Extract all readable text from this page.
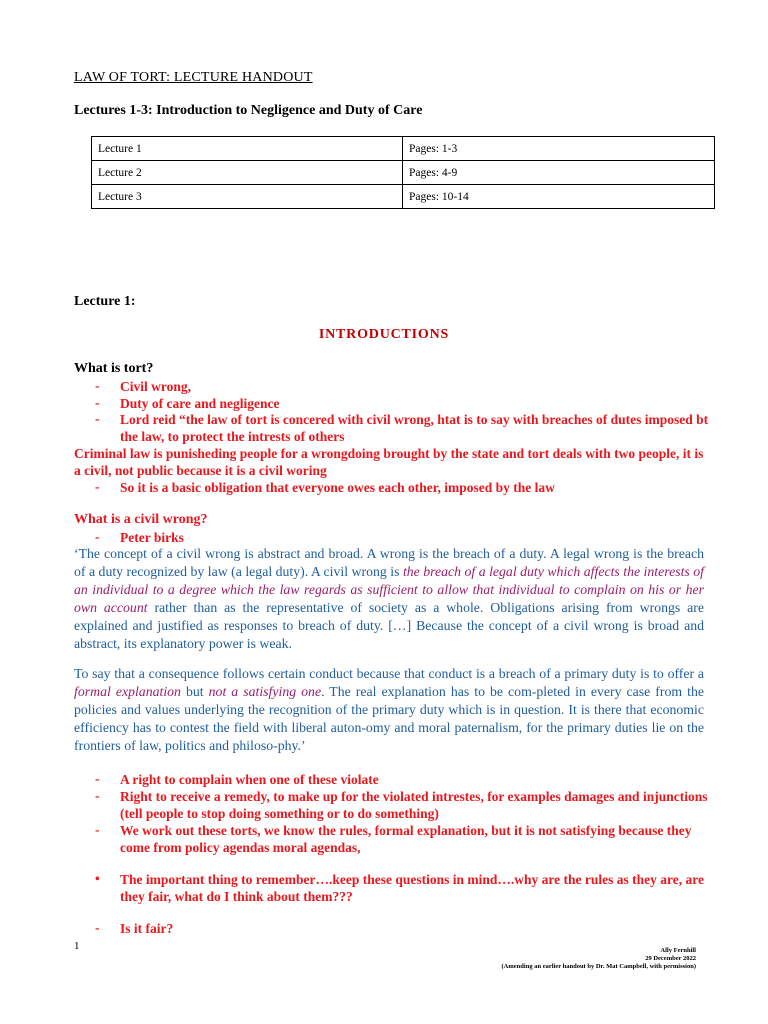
LAW OF TORT: LECTURE HANDOUT
Lectures 1-3: Introduction to Negligence and Duty of Care
Lecture 1	Pages: 1-3
Lecture 2	Pages: 4-9
Lecture 3	Pages: 10-14
Lecture 1:
INTRODUCTIONS
What is tort?
- Civil wrong,
- Duty of care and negligence
- Lord reid “the law of tort is concered with civil wrong, htat is to say with breaches of dutes imposed bt the law, to protect the intrests of others
Criminal law is punisheding people for a wrongdoing brought by the state and tort deals with two people, it is a civil, not public because it is a civil woring
- So it is a basic obligation that everyone owes each other, imposed by the law
What is a civil wrong?
- Peter birks
‘The concept of a civil wrong is abstract and broad. A wrong is the breach of a duty. A legal wrong is the breach of a duty recognized by law (a legal duty). A civil wrong is the breach of a legal duty which affects the interests of an individual to a degree which the law regards as sufficient to allow that individual to complain on his or her own account rather than as the representative of society as a whole. Obligations arising from wrongs are explained and justified as responses to breach of duty. […] Because the concept of a civil wrong is broad and abstract, its explanatory power is weak.
To say that a consequence follows certain conduct because that conduct is a breach of a primary duty is to offer a formal explanation but not a satisfying one. The real explanation has to be com-pleted in every case from the policies and values underlying the recognition of the primary duty which is in question. It is there that economic efficiency has to contest the field with liberal auton-omy and moral paternalism, for the primary duties lie on the frontiers of law, politics and philoso-phy.’
- A right to complain when one of these violate
- Right to receive a remedy, to make up for the violated intrestes, for examples damages and injunctions (tell people to stop doing something or to do something)
- We work out these torts, we know the rules, formal explanation, but it is not satisfying because they come from policy agendas moral agendas,
• The important thing to remember….keep these questions in mind….why are the rules as they are, are they fair, what do I think about them???
- Is it fair?
1	Ally Fernhill
29 December 2022
(Amending an earlier handout by Dr. Mat Campbell, with permission)
